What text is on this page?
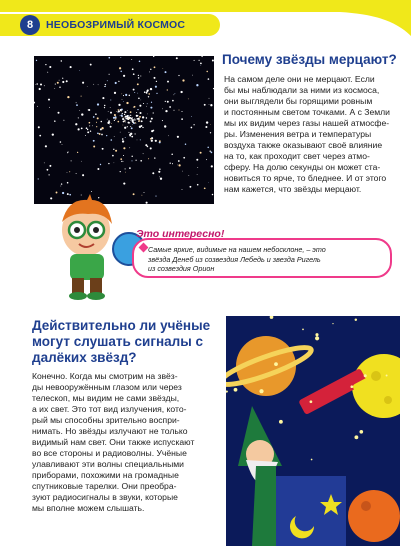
8	НЕОБОЗРИМЫЙ КОСМОС
Почему звёзды мерцают?
На самом деле они не мерцают. Если
бы мы наблюдали за ними из космоса,
они выглядели бы горящими ровным
и постоянным светом точками. А с Земли
мы их видим через газы нашей атмосфе-
ры. Изменения ветра и температуры
воздуха также оказывают своё влияние
на то, как проходит свет через атмо-
сферу. На долю секунды он может ста-
новиться то ярче, то бледнее. И от этого
нам кажется, что звёзды мерцают.
Это интересно!
Самые яркие, видимые на нашем небосклоне, – это
звёзда Денеб из созвездия Лебедь и звезда Ригель
из созвездия Орион
Действительно ли учёные могут слушать сигналы с далёких звёзд?
Конечно. Когда мы смотрим на звёз-
ды невооружённым глазом или через
телескоп, мы видим не сами звёзды,
а их свет. Это тот вид излучения, кото-
рый мы способны зрительно воспри-
нимать. Но звёзды излучают не только
видимый нам свет. Они также испускают
во все стороны и радиоволны. Учёные
улавливают эти волны специальными
приборами, похожими на громадные
спутниковые тарелки. Они преобра-
зуют радиосигналы в звуки, которые
мы вполне можем слышать.
